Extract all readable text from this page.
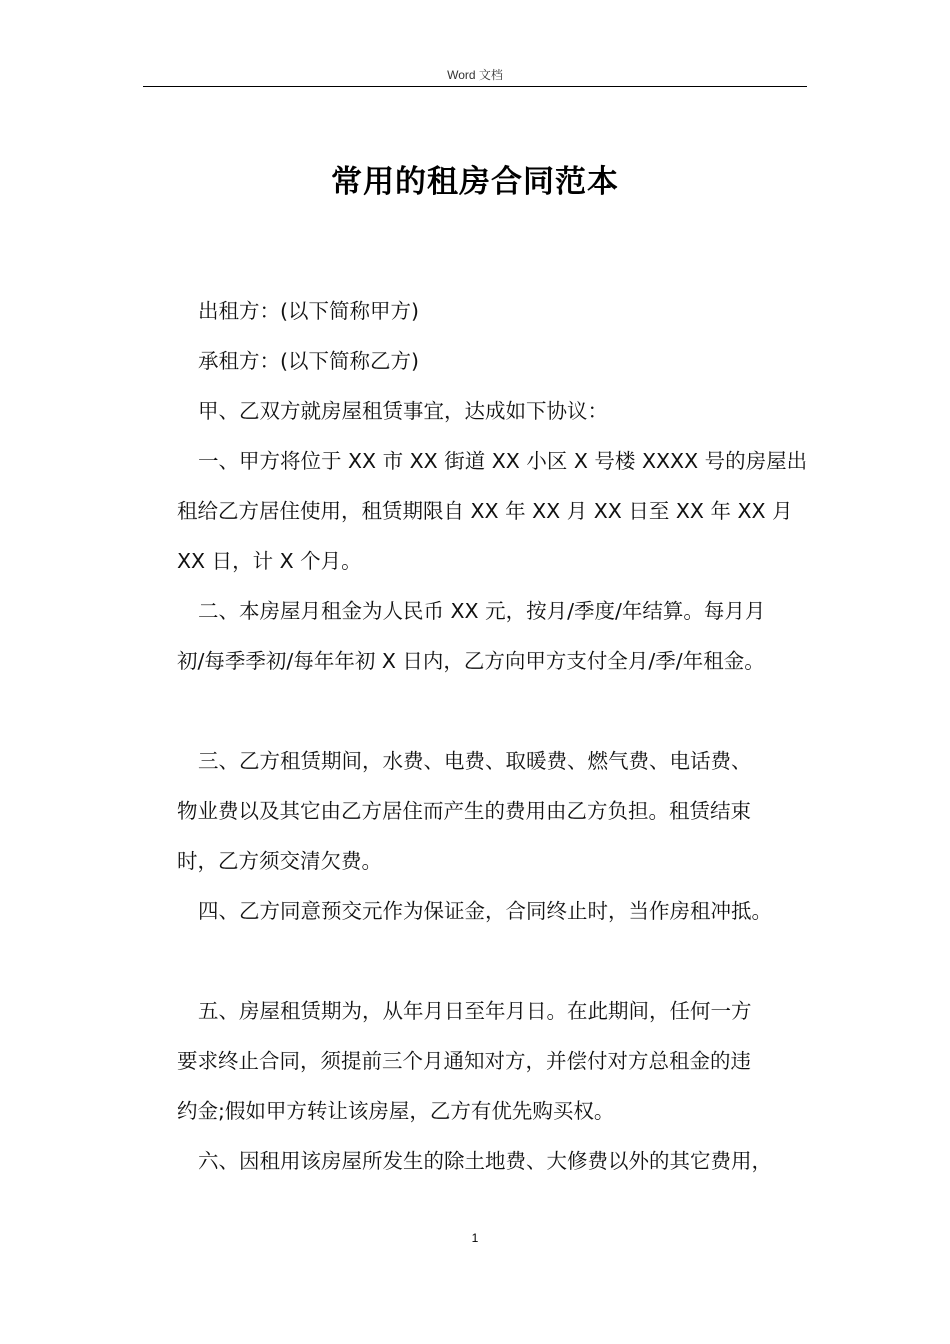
Word 文档
常用的租房合同范本
出租方：(以下简称甲方)
承租方：(以下简称乙方)
甲、乙双方就房屋租赁事宜，达成如下协议：
一、甲方将位于 XX 市 XX 街道 XX 小区 X 号楼 XXXX 号的房屋出
租给乙方居住使用，租赁期限自 XX 年 XX 月 XX 日至 XX 年 XX 月
XX 日，计 X 个月。
二、本房屋月租金为人民币 XX 元，按月/季度/年结算。每月月
初/每季季初/每年年初 X 日内，乙方向甲方支付全月/季/年租金。
三、乙方租赁期间，水费、电费、取暖费、燃气费、电话费、
物业费以及其它由乙方居住而产生的费用由乙方负担。租赁结束
时，乙方须交清欠费。
四、乙方同意预交元作为保证金，合同终止时，当作房租冲抵。
五、房屋租赁期为，从年月日至年月日。在此期间，任何一方
要求终止合同，须提前三个月通知对方，并偿付对方总租金的违
约金;假如甲方转让该房屋，乙方有优先购买权。
六、因租用该房屋所发生的除土地费、大修费以外的其它费用，
1
